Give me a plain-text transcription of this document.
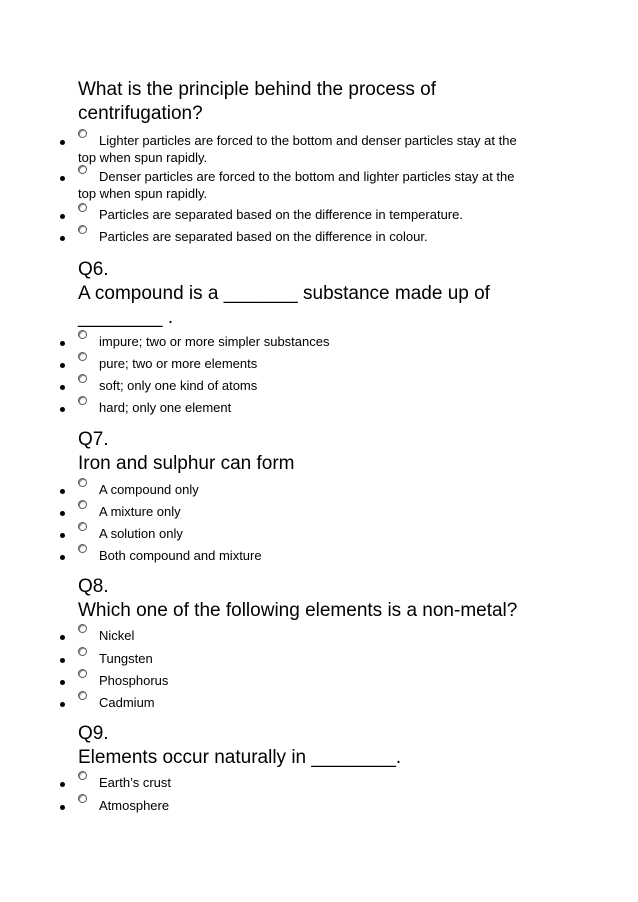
What is the principle behind the process of
centrifugation?
Lighter particles are forced to the bottom and denser particles stay at the top when spun rapidly.
Denser particles are forced to the bottom and lighter particles stay at the top when spun rapidly.
Particles are separated based on the difference in temperature.
Particles are separated based on the difference in colour.
Q6.
A compound is a _______ substance made up of
________ .
impure; two or more simpler substances
pure; two or more elements
soft; only one kind of atoms
hard; only one element
Q7.
Iron and sulphur can form
A compound only
A mixture only
A solution only
Both compound and mixture
Q8.
Which one of the following elements is a non-metal?
Nickel
Tungsten
Phosphorus
Cadmium
Q9.
Elements occur naturally in ________.
Earth’s crust
Atmosphere
